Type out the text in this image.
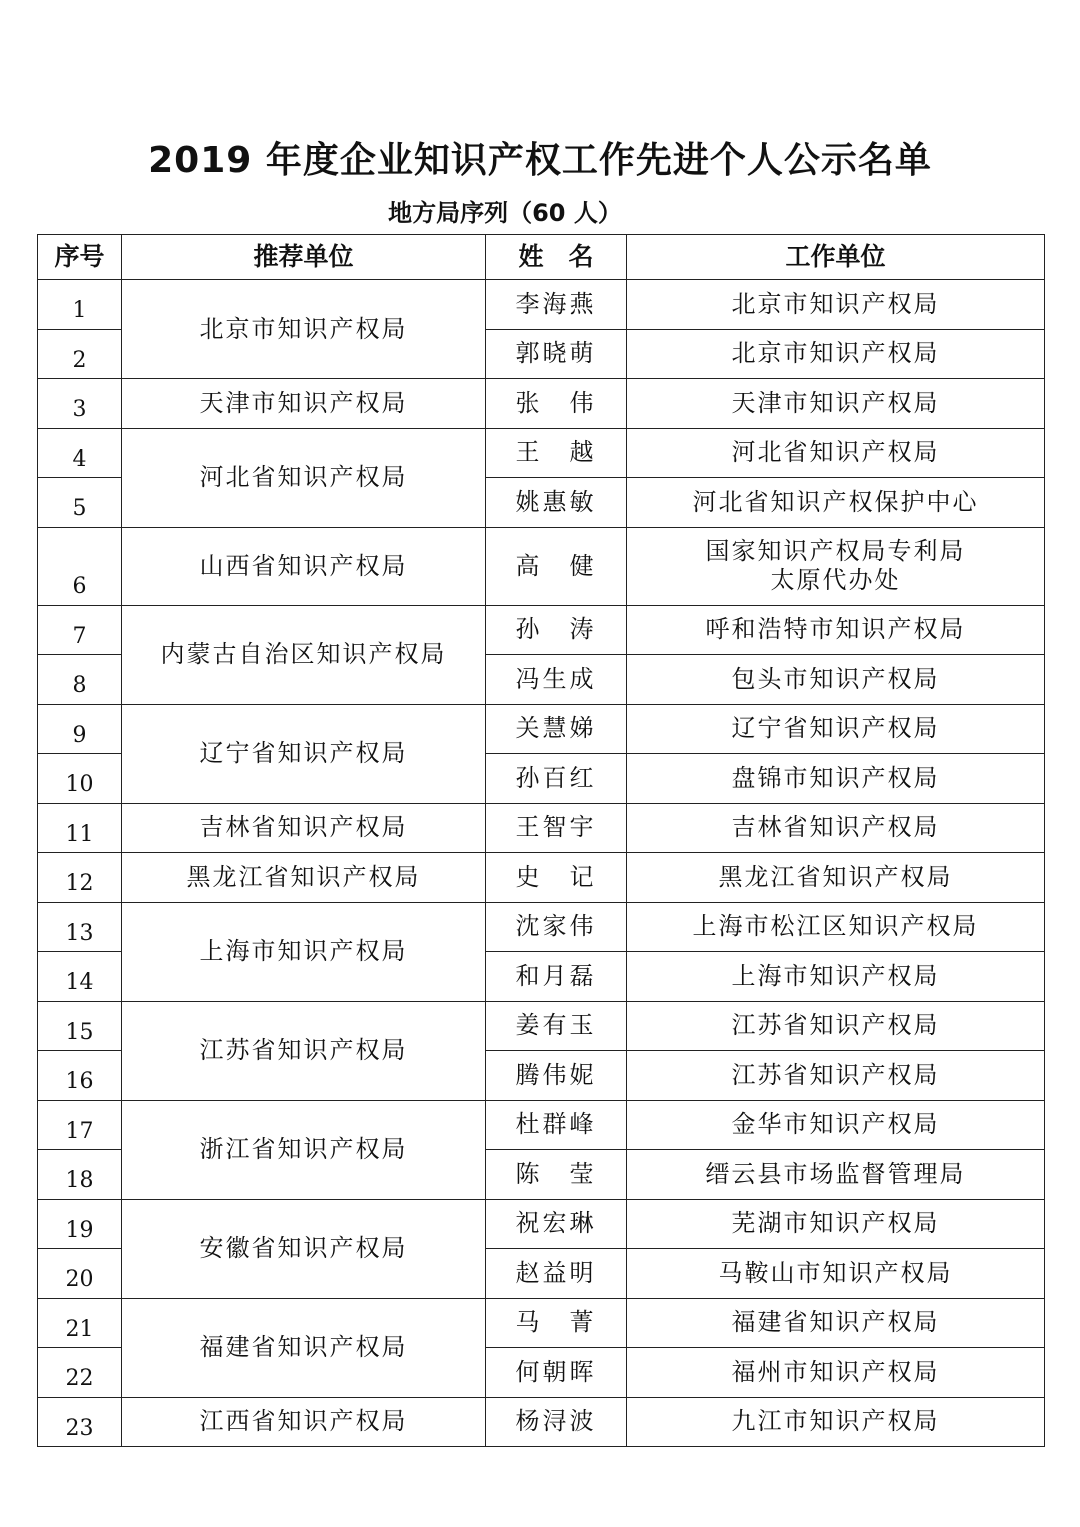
2019 年度企业知识产权工作先进个人公示名单
地方局序列（60 人）
序号	推荐单位	姓　名	工作单位
1	北京市知识产权局	李海燕	北京市知识产权局
2		郭晓萌	北京市知识产权局
3	天津市知识产权局	张　伟	天津市知识产权局
4	河北省知识产权局	王　越	河北省知识产权局
5		姚惠敏	河北省知识产权保护中心
6	山西省知识产权局	高　健	国家知识产权局专利局
太原代办处
7	内蒙古自治区知识产权局	孙　涛	呼和浩特市知识产权局
8		冯生成	包头市知识产权局
9	辽宁省知识产权局	关慧娣	辽宁省知识产权局
10		孙百红	盘锦市知识产权局
11	吉林省知识产权局	王智宇	吉林省知识产权局
12	黑龙江省知识产权局	史　记	黑龙江省知识产权局
13	上海市知识产权局	沈家伟	上海市松江区知识产权局
14		和月磊	上海市知识产权局
15	江苏省知识产权局	姜有玉	江苏省知识产权局
16		腾伟妮	江苏省知识产权局
17	浙江省知识产权局	杜群峰	金华市知识产权局
18		陈　莹	缙云县市场监督管理局
19	安徽省知识产权局	祝宏琳	芜湖市知识产权局
20		赵益明	马鞍山市知识产权局
21	福建省知识产权局	马　菁	福建省知识产权局
22		何朝晖	福州市知识产权局
23	江西省知识产权局	杨浔波	九江市知识产权局
